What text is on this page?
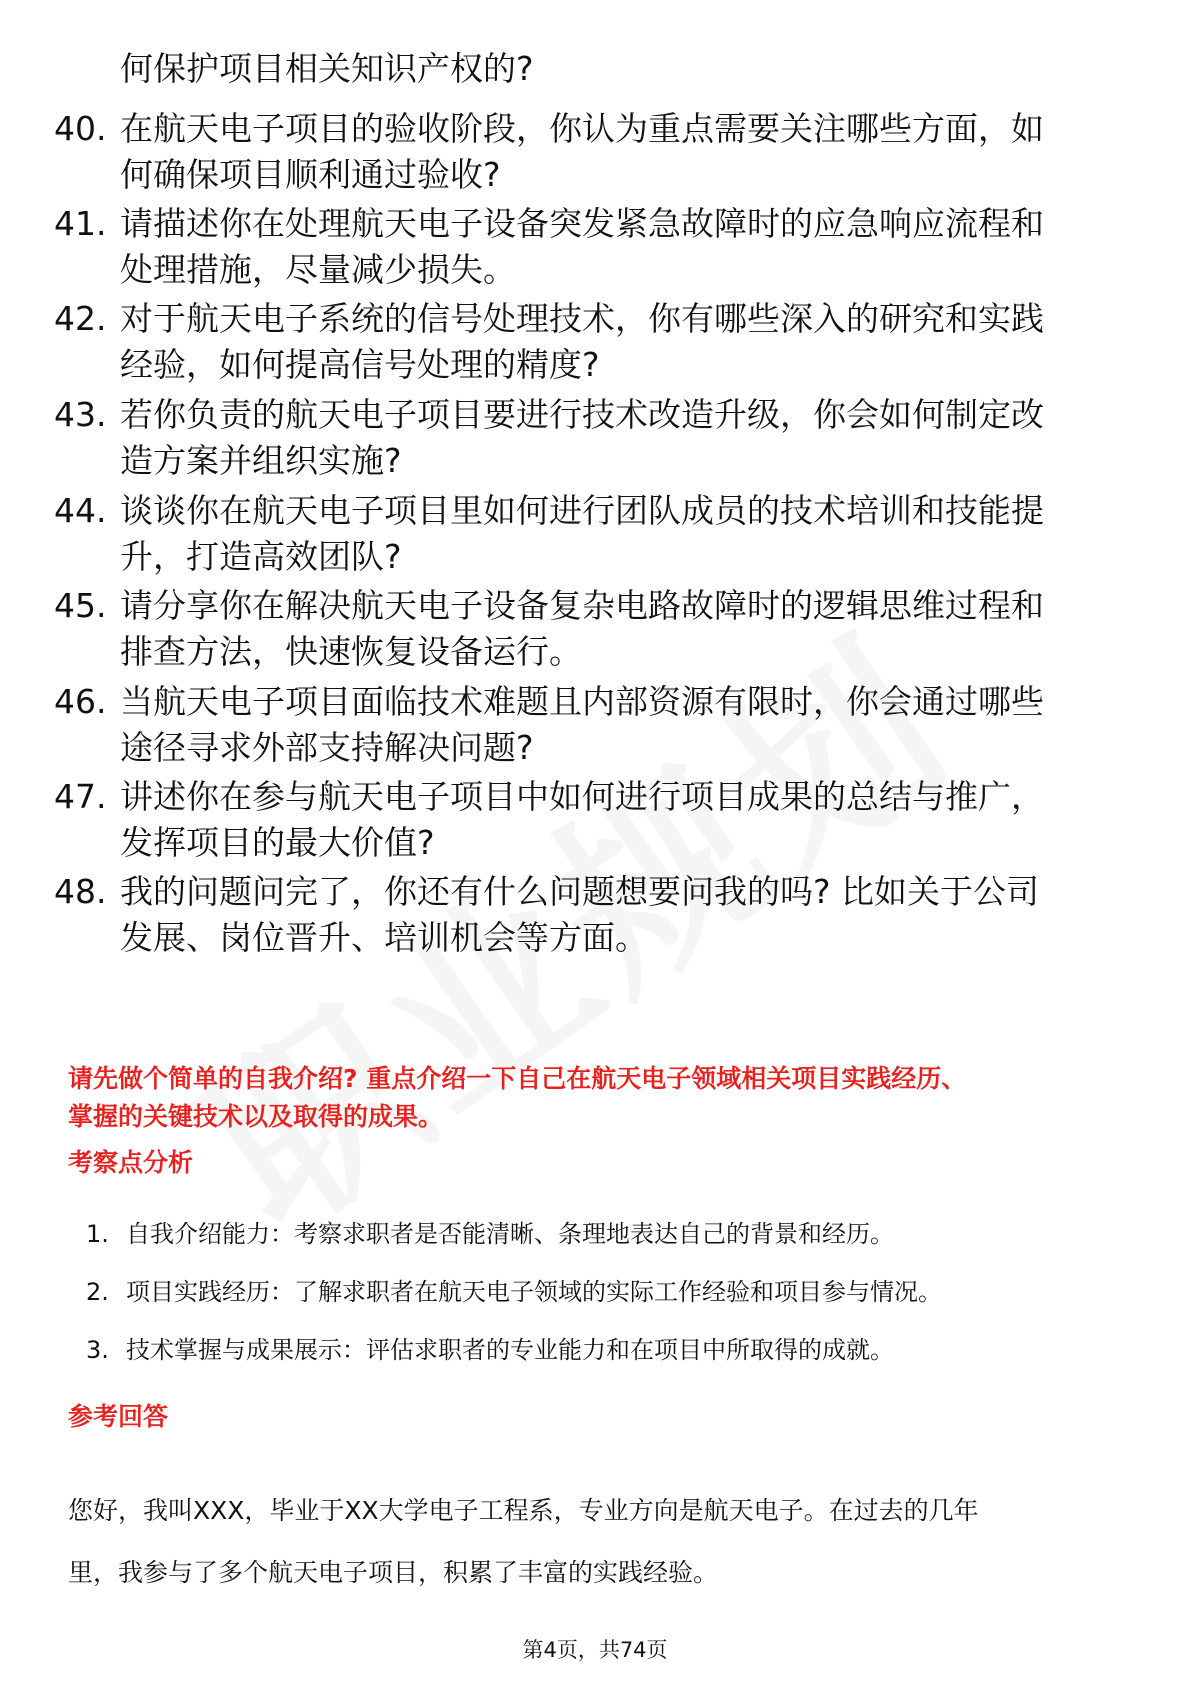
何保护项目相关知识产权的?
40. 在航天电子项目的验收阶段，你认为重点需要关注哪些方面，如
何确保项目顺利通过验收?
41. 请描述你在处理航天电子设备突发紧急故障时的应急响应流程和
处理措施，尽量减少损失。
42. 对于航天电子系统的信号处理技术，你有哪些深入的研究和实践
经验，如何提高信号处理的精度?
43. 若你负责的航天电子项目要进行技术改造升级，你会如何制定改
造方案并组织实施?
44. 谈谈你在航天电子项目里如何进行团队成员的技术培训和技能提
升，打造高效团队?
45. 请分享你在解决航天电子设备复杂电路故障时的逻辑思维过程和
排查方法，快速恢复设备运行。
46. 当航天电子项目面临技术难题且内部资源有限时，你会通过哪些
途径寻求外部支持解决问题?
47. 讲述你在参与航天电子项目中如何进行项目成果的总结与推广，
发挥项目的最大价值?
48. 我的问题问完了，你还有什么问题想要问我的吗? 比如关于公司
发展、岗位晋升、培训机会等方面。
请先做个简单的自我介绍? 重点介绍一下自己在航天电子领域相关项目实践经历、
掌握的关键技术以及取得的成果。
考察点分析
1. 自我介绍能力：考察求职者是否能清晰、条理地表达自己的背景和经历。
2. 项目实践经历：了解求职者在航天电子领域的实际工作经验和项目参与情况。
3. 技术掌握与成果展示：评估求职者的专业能力和在项目中所取得的成就。
参考回答
您好，我叫XXX，毕业于XX大学电子工程系，专业方向是航天电子。在过去的几年
里，我参与了多个航天电子项目，积累了丰富的实践经验。
第4页，共74页
